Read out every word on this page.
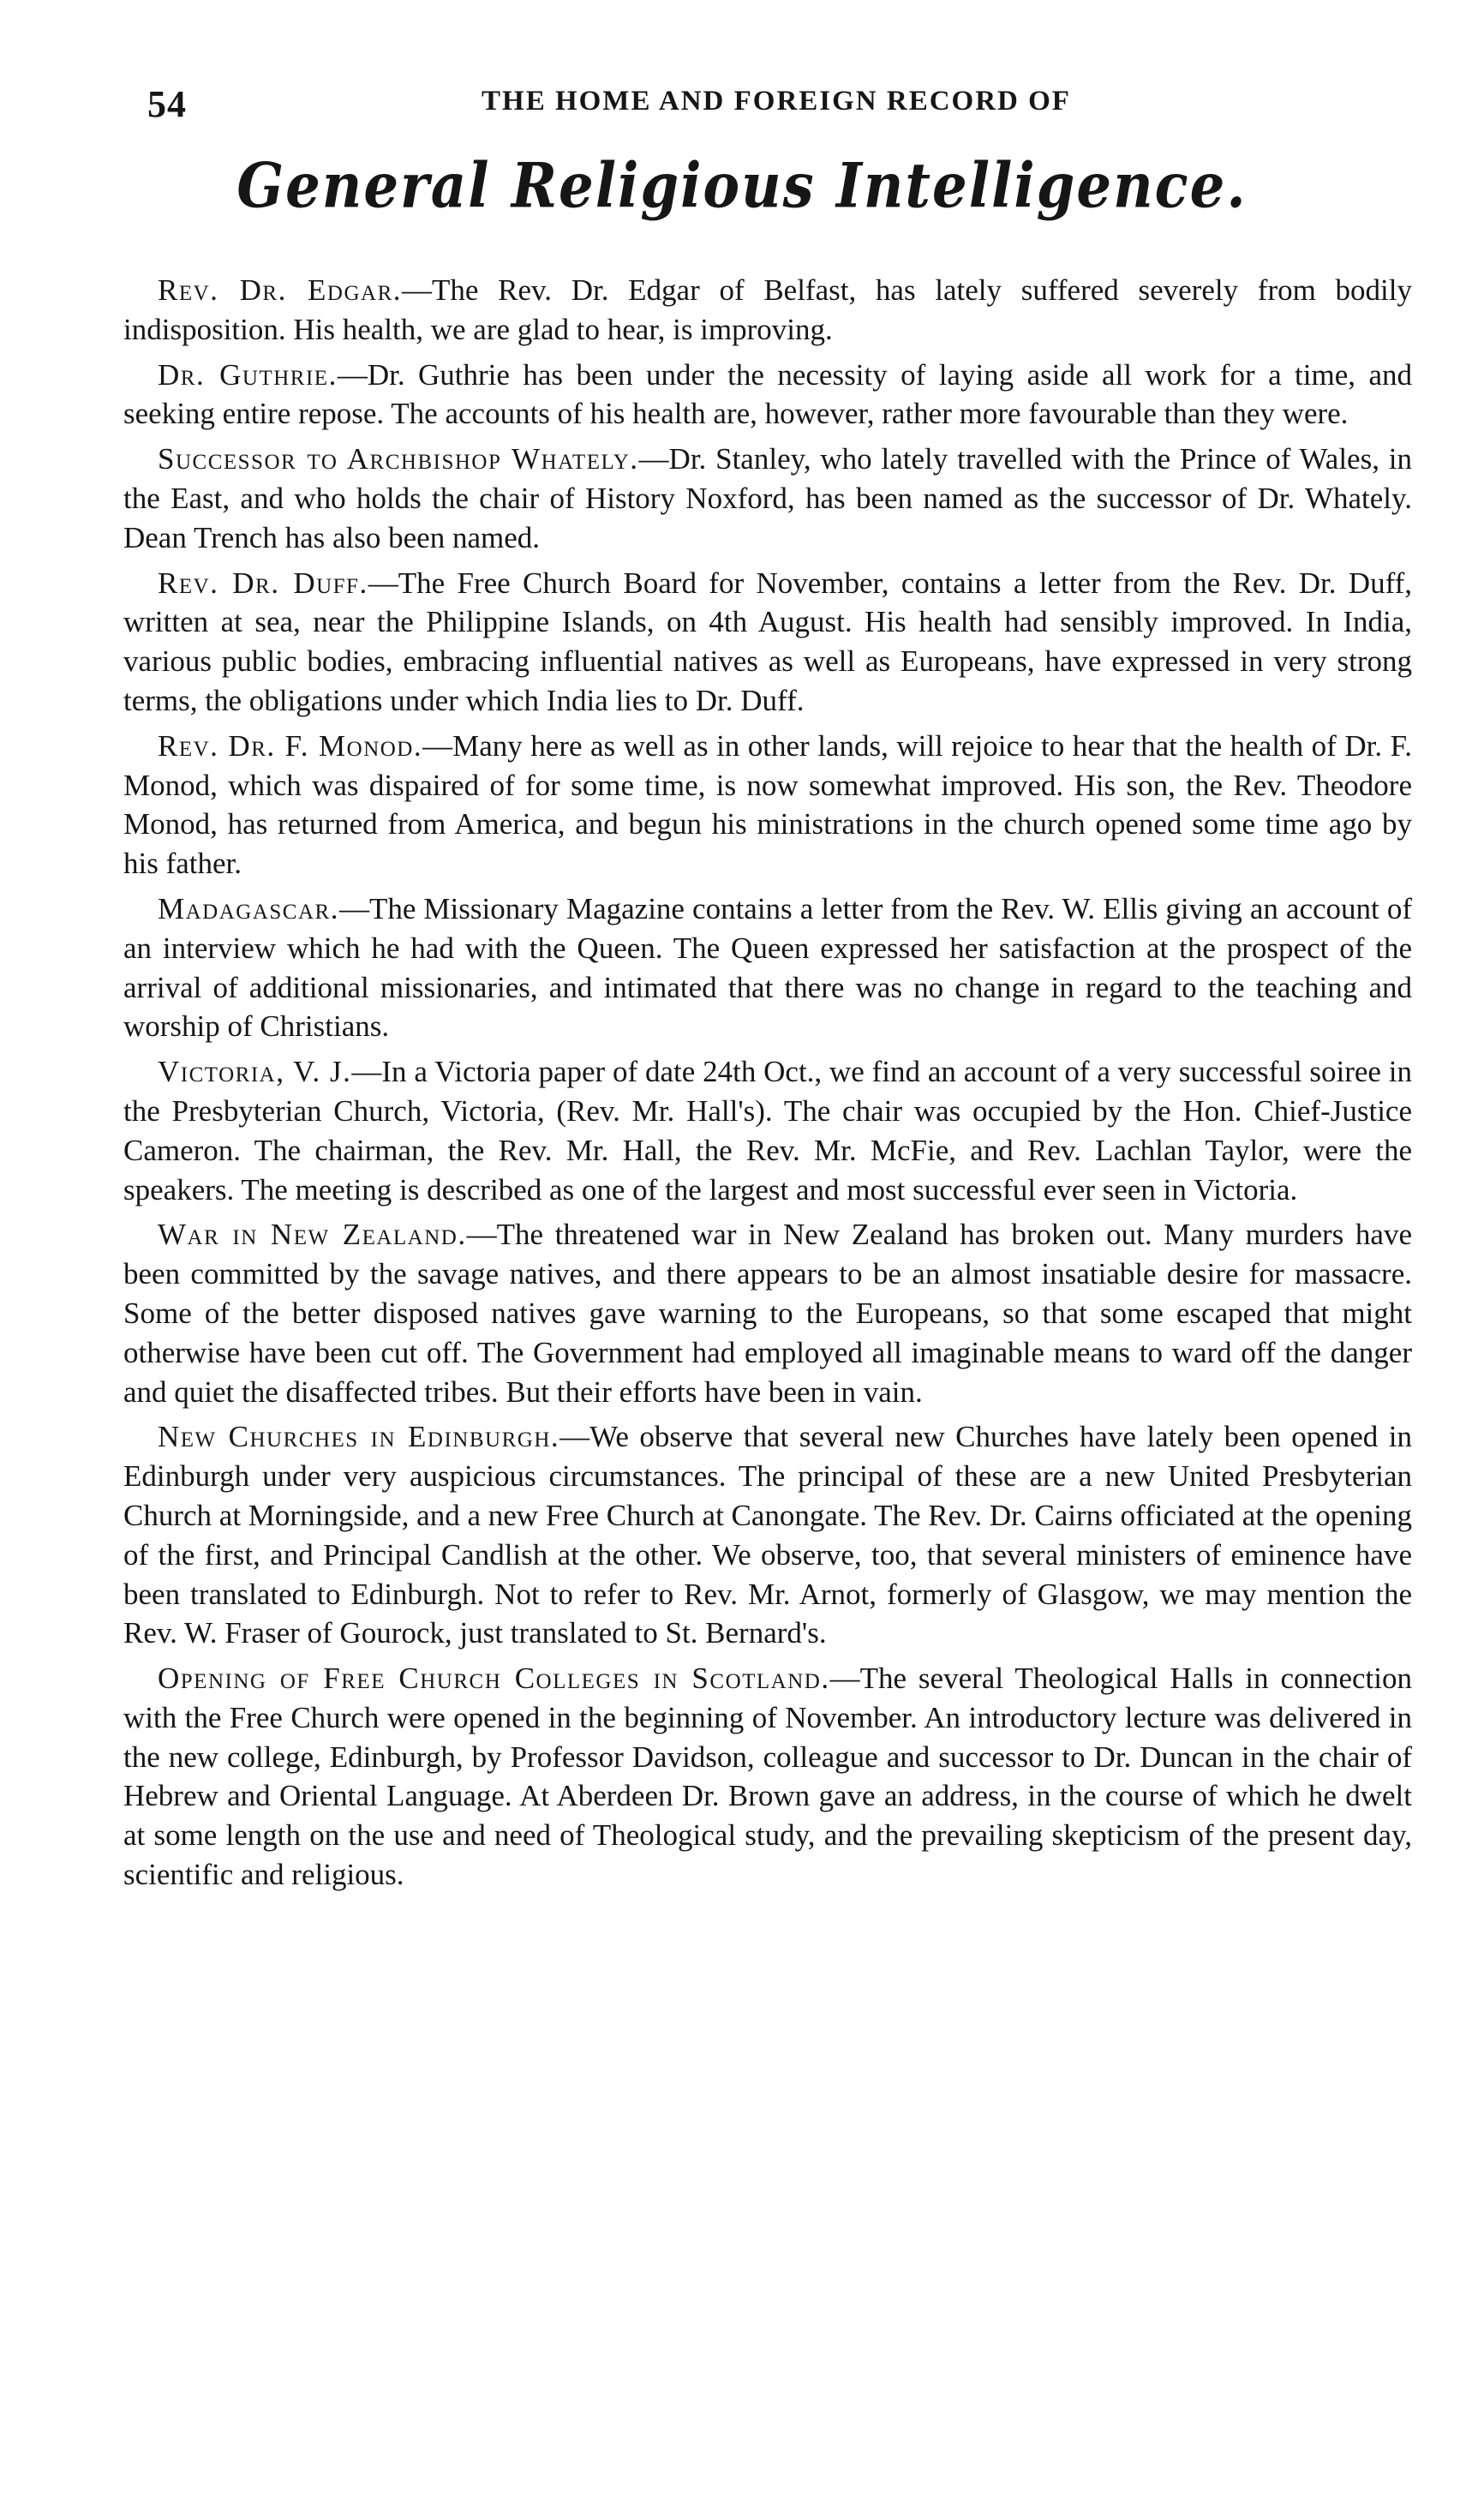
54	THE HOME AND FOREIGN RECORD OF
General Religious Intelligence.

Rev. Dr. Edgar.—The Rev. Dr. Edgar of Belfast, has lately suffered severely from bodily indisposition. His health, we are glad to hear, is improving.

Dr. Guthrie.—Dr. Guthrie has been under the necessity of laying aside all work for a time, and seeking entire repose. The accounts of his health are, however, rather more favourable than they were.

Successor to Archbishop Whately.—Dr. Stanley, who lately travelled with the Prince of Wales, in the East, and who holds the chair of History Noxford, has been named as the successor of Dr. Whately. Dean Trench has also been named.

Rev. Dr. Duff.—The Free Church Board for November, contains a letter from the Rev. Dr. Duff, written at sea, near the Philippine Islands, on 4th August. His health had sensibly improved. In India, various public bodies, embracing influential natives as well as Europeans, have expressed in very strong terms, the obligations under which India lies to Dr. Duff.

Rev. Dr. F. Monod.—Many here as well as in other lands, will rejoice to hear that the health of Dr. F. Monod, which was dispaired of for some time, is now somewhat improved. His son, the Rev. Theodore Monod, has returned from America, and begun his ministrations in the church opened some time ago by his father.

Madagascar.—The Missionary Magazine contains a letter from the Rev. W. Ellis giving an account of an interview which he had with the Queen. The Queen expressed her satisfaction at the prospect of the arrival of additional missionaries, and intimated that there was no change in regard to the teaching and worship of Christians.

Victoria, V. J.—In a Victoria paper of date 24th Oct., we find an account of a very successful soiree in the Presbyterian Church, Victoria, (Rev. Mr. Hall's). The chair was occupied by the Hon. Chief-Justice Cameron. The chairman, the Rev. Mr. Hall, the Rev. Mr. McFie, and Rev. Lachlan Taylor, were the speakers. The meeting is described as one of the largest and most successful ever seen in Victoria.

War in New Zealand.—The threatened war in New Zealand has broken out. Many murders have been committed by the savage natives, and there appears to be an almost insatiable desire for massacre. Some of the better disposed natives gave warning to the Europeans, so that some escaped that might otherwise have been cut off. The Government had employed all imaginable means to ward off the danger and quiet the disaffected tribes. But their efforts have been in vain.

New Churches in Edinburgh.—We observe that several new Churches have lately been opened in Edinburgh under very auspicious circumstances. The principal of these are a new United Presbyterian Church at Morningside, and a new Free Church at Canongate. The Rev. Dr. Cairns officiated at the opening of the first, and Principal Candlish at the other. We observe, too, that several ministers of eminence have been translated to Edinburgh. Not to refer to Rev. Mr. Arnot, formerly of Glasgow, we may mention the Rev. W. Fraser of Gourock, just translated to St. Bernard's.

Opening of Free Church Colleges in Scotland.—The several Theological Halls in connection with the Free Church were opened in the beginning of November. An introductory lecture was delivered in the new college, Edinburgh, by Professor Davidson, colleague and successor to Dr. Duncan in the chair of Hebrew and Oriental Language. At Aberdeen Dr. Brown gave an address, in the course of which he dwelt at some length on the use and need of Theological study, and the prevailing skepticism of the present day, scientific and religious.
